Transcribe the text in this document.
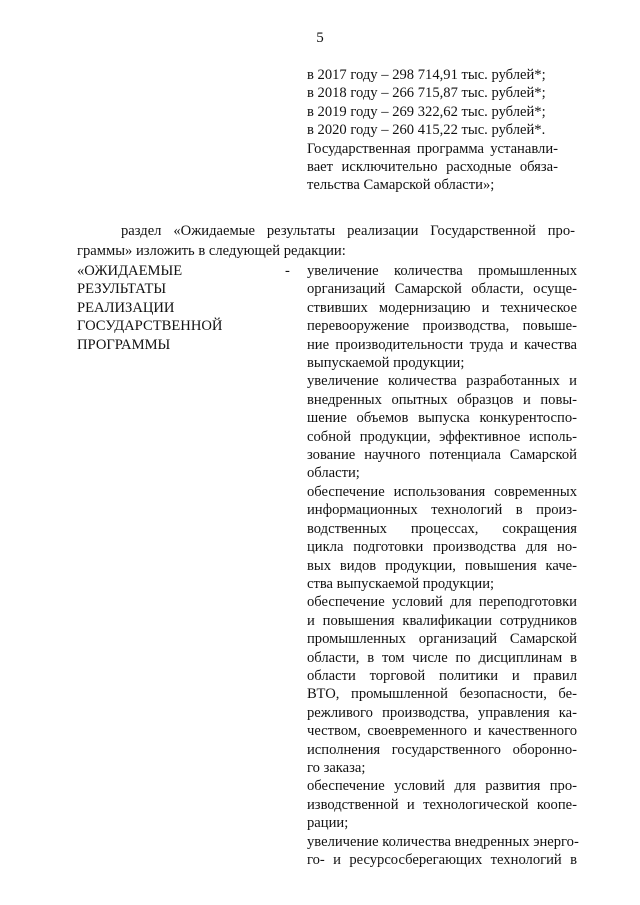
5
в 2017 году – 298 714,91 тыс. рублей*;
в 2018 году – 266 715,87 тыс. рублей*;
в 2019 году – 269 322,62 тыс. рублей*;
в 2020 году – 260 415,22 тыс. рублей*.
Государственная программа устанавли-
вает исключительно расходные обяза-
тельства Самарской области»;
раздел «Ожидаемые результаты реализации Государственной про-
граммы» изложить в следующей редакции:
«ОЖИДАЕМЫЕ
РЕЗУЛЬТАТЫ
РЕАЛИЗАЦИИ
ГОСУДАРСТВЕННОЙ
ПРОГРАММЫ
- увеличение количества промышленных
организаций Самарской области, осуще-
ствивших модернизацию и техническое
перевооружение производства, повыше-
ние производительности труда и качества
выпускаемой продукции;
увеличение количества разработанных и
внедренных опытных образцов и повы-
шение объемов выпуска конкурентоспо-
собной продукции, эффективное исполь-
зование научного потенциала Самарской
области;
обеспечение использования современных
информационных технологий в произ-
водственных процессах, сокращения
цикла подготовки производства для но-
вых видов продукции, повышения каче-
ства выпускаемой продукции;
обеспечение условий для переподготовки
и повышения квалификации сотрудников
промышленных организаций Самарской
области, в том числе по дисциплинам в
области торговой политики и правил
ВТО, промышленной безопасности, бе-
режливого производства, управления ка-
чеством, своевременного и качественного
исполнения государственного оборонно-
го заказа;
обеспечение условий для развития про-
изводственной и технологической коопе-
рации;
увеличение количества внедренных энерго-
го- и ресурсосберегающих технологий в
